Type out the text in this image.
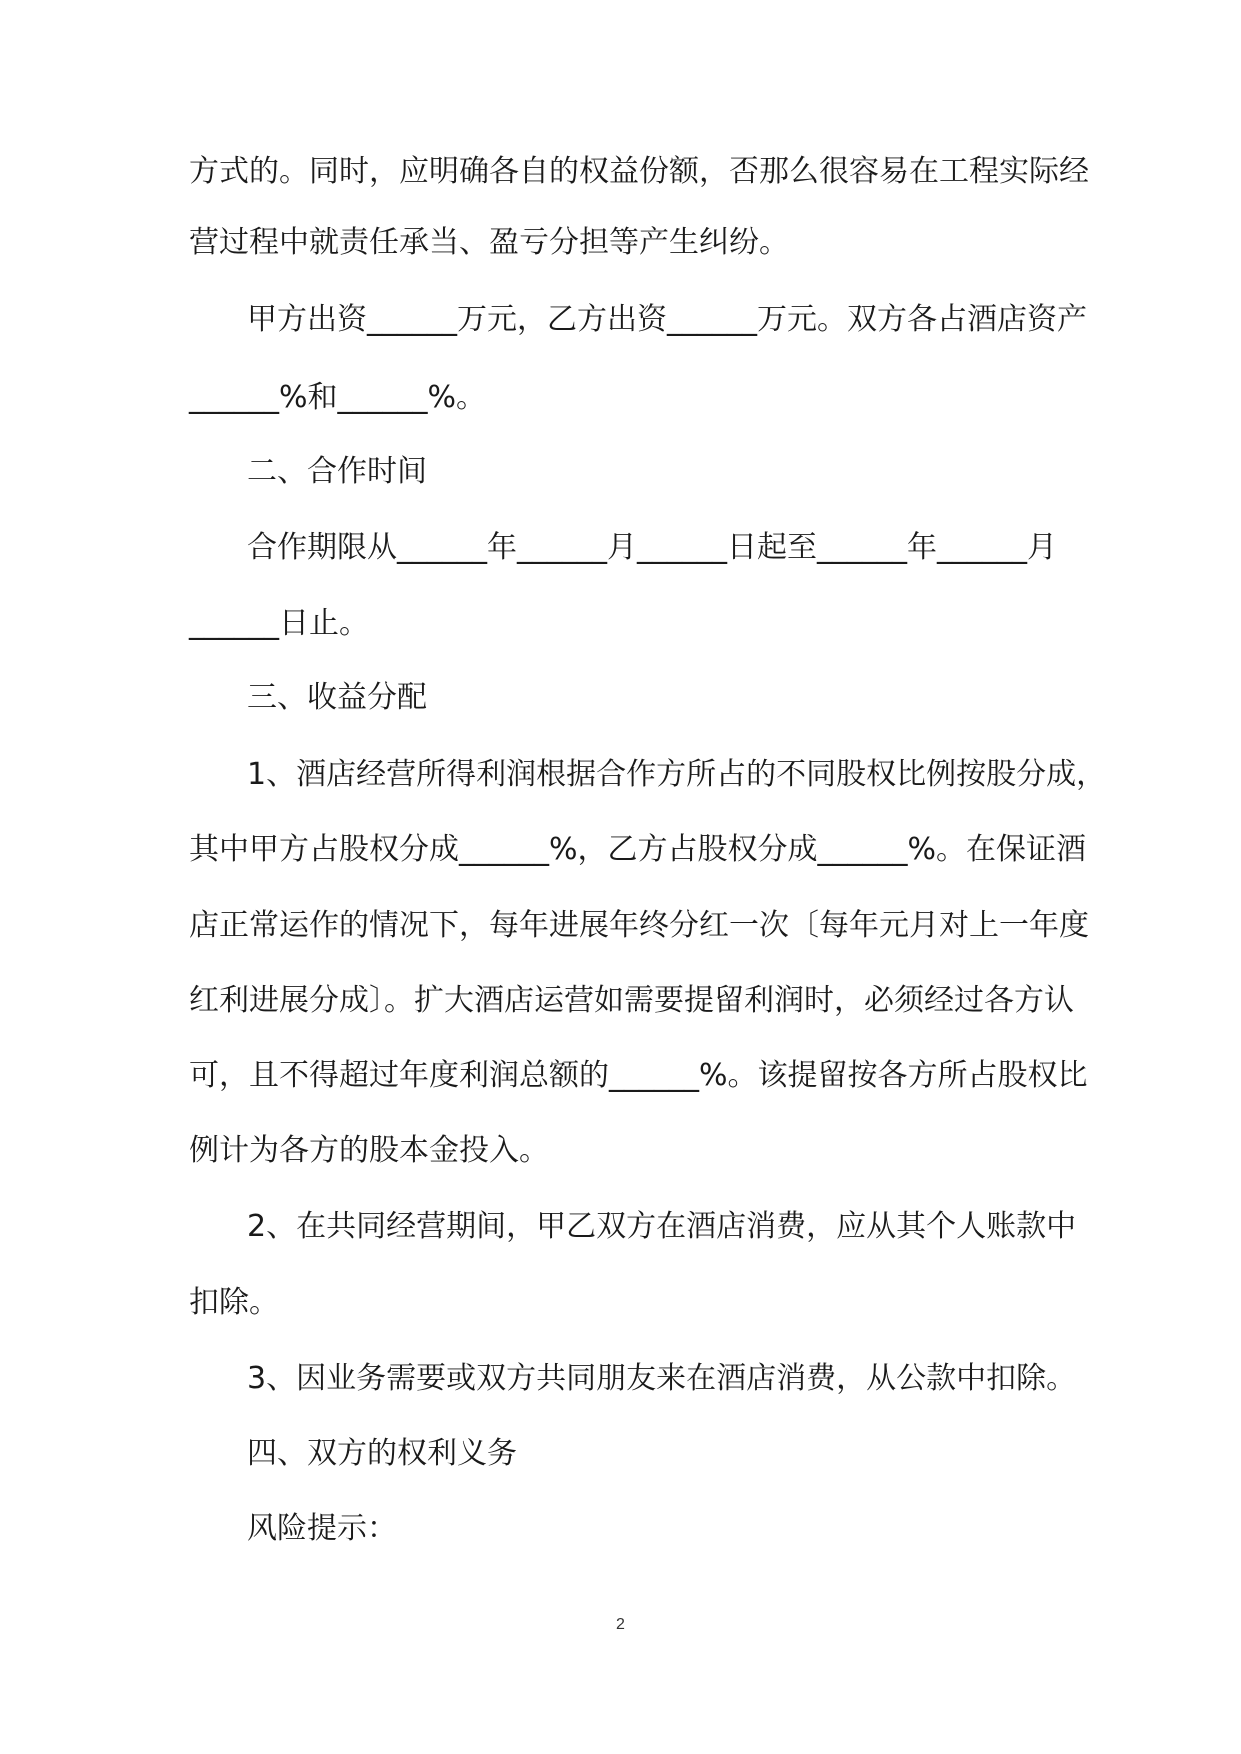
方式的。同时，应明确各自的权益份额，否那么很容易在工程实际经

营过程中就责任承当、盈亏分担等产生纠纷。

甲方出资______万元，乙方出资______万元。双方各占酒店资产

______%和______%。

二、合作时间

合作期限从______年______月______日起至______年______月

______日止。

三、收益分配

1、酒店经营所得利润根据合作方所占的不同股权比例按股分成，

其中甲方占股权分成______%，乙方占股权分成______%。在保证酒

店正常运作的情况下，每年进展年终分红一次〔每年元月对上一年度

红利进展分成〕。扩大酒店运营如需要提留利润时，必须经过各方认

可，且不得超过年度利润总额的______%。该提留按各方所占股权比

例计为各方的股本金投入。

2、在共同经营期间，甲乙双方在酒店消费，应从其个人账款中

扣除。

3、因业务需要或双方共同朋友来在酒店消费，从公款中扣除。

四、双方的权利义务

风险提示：

2
